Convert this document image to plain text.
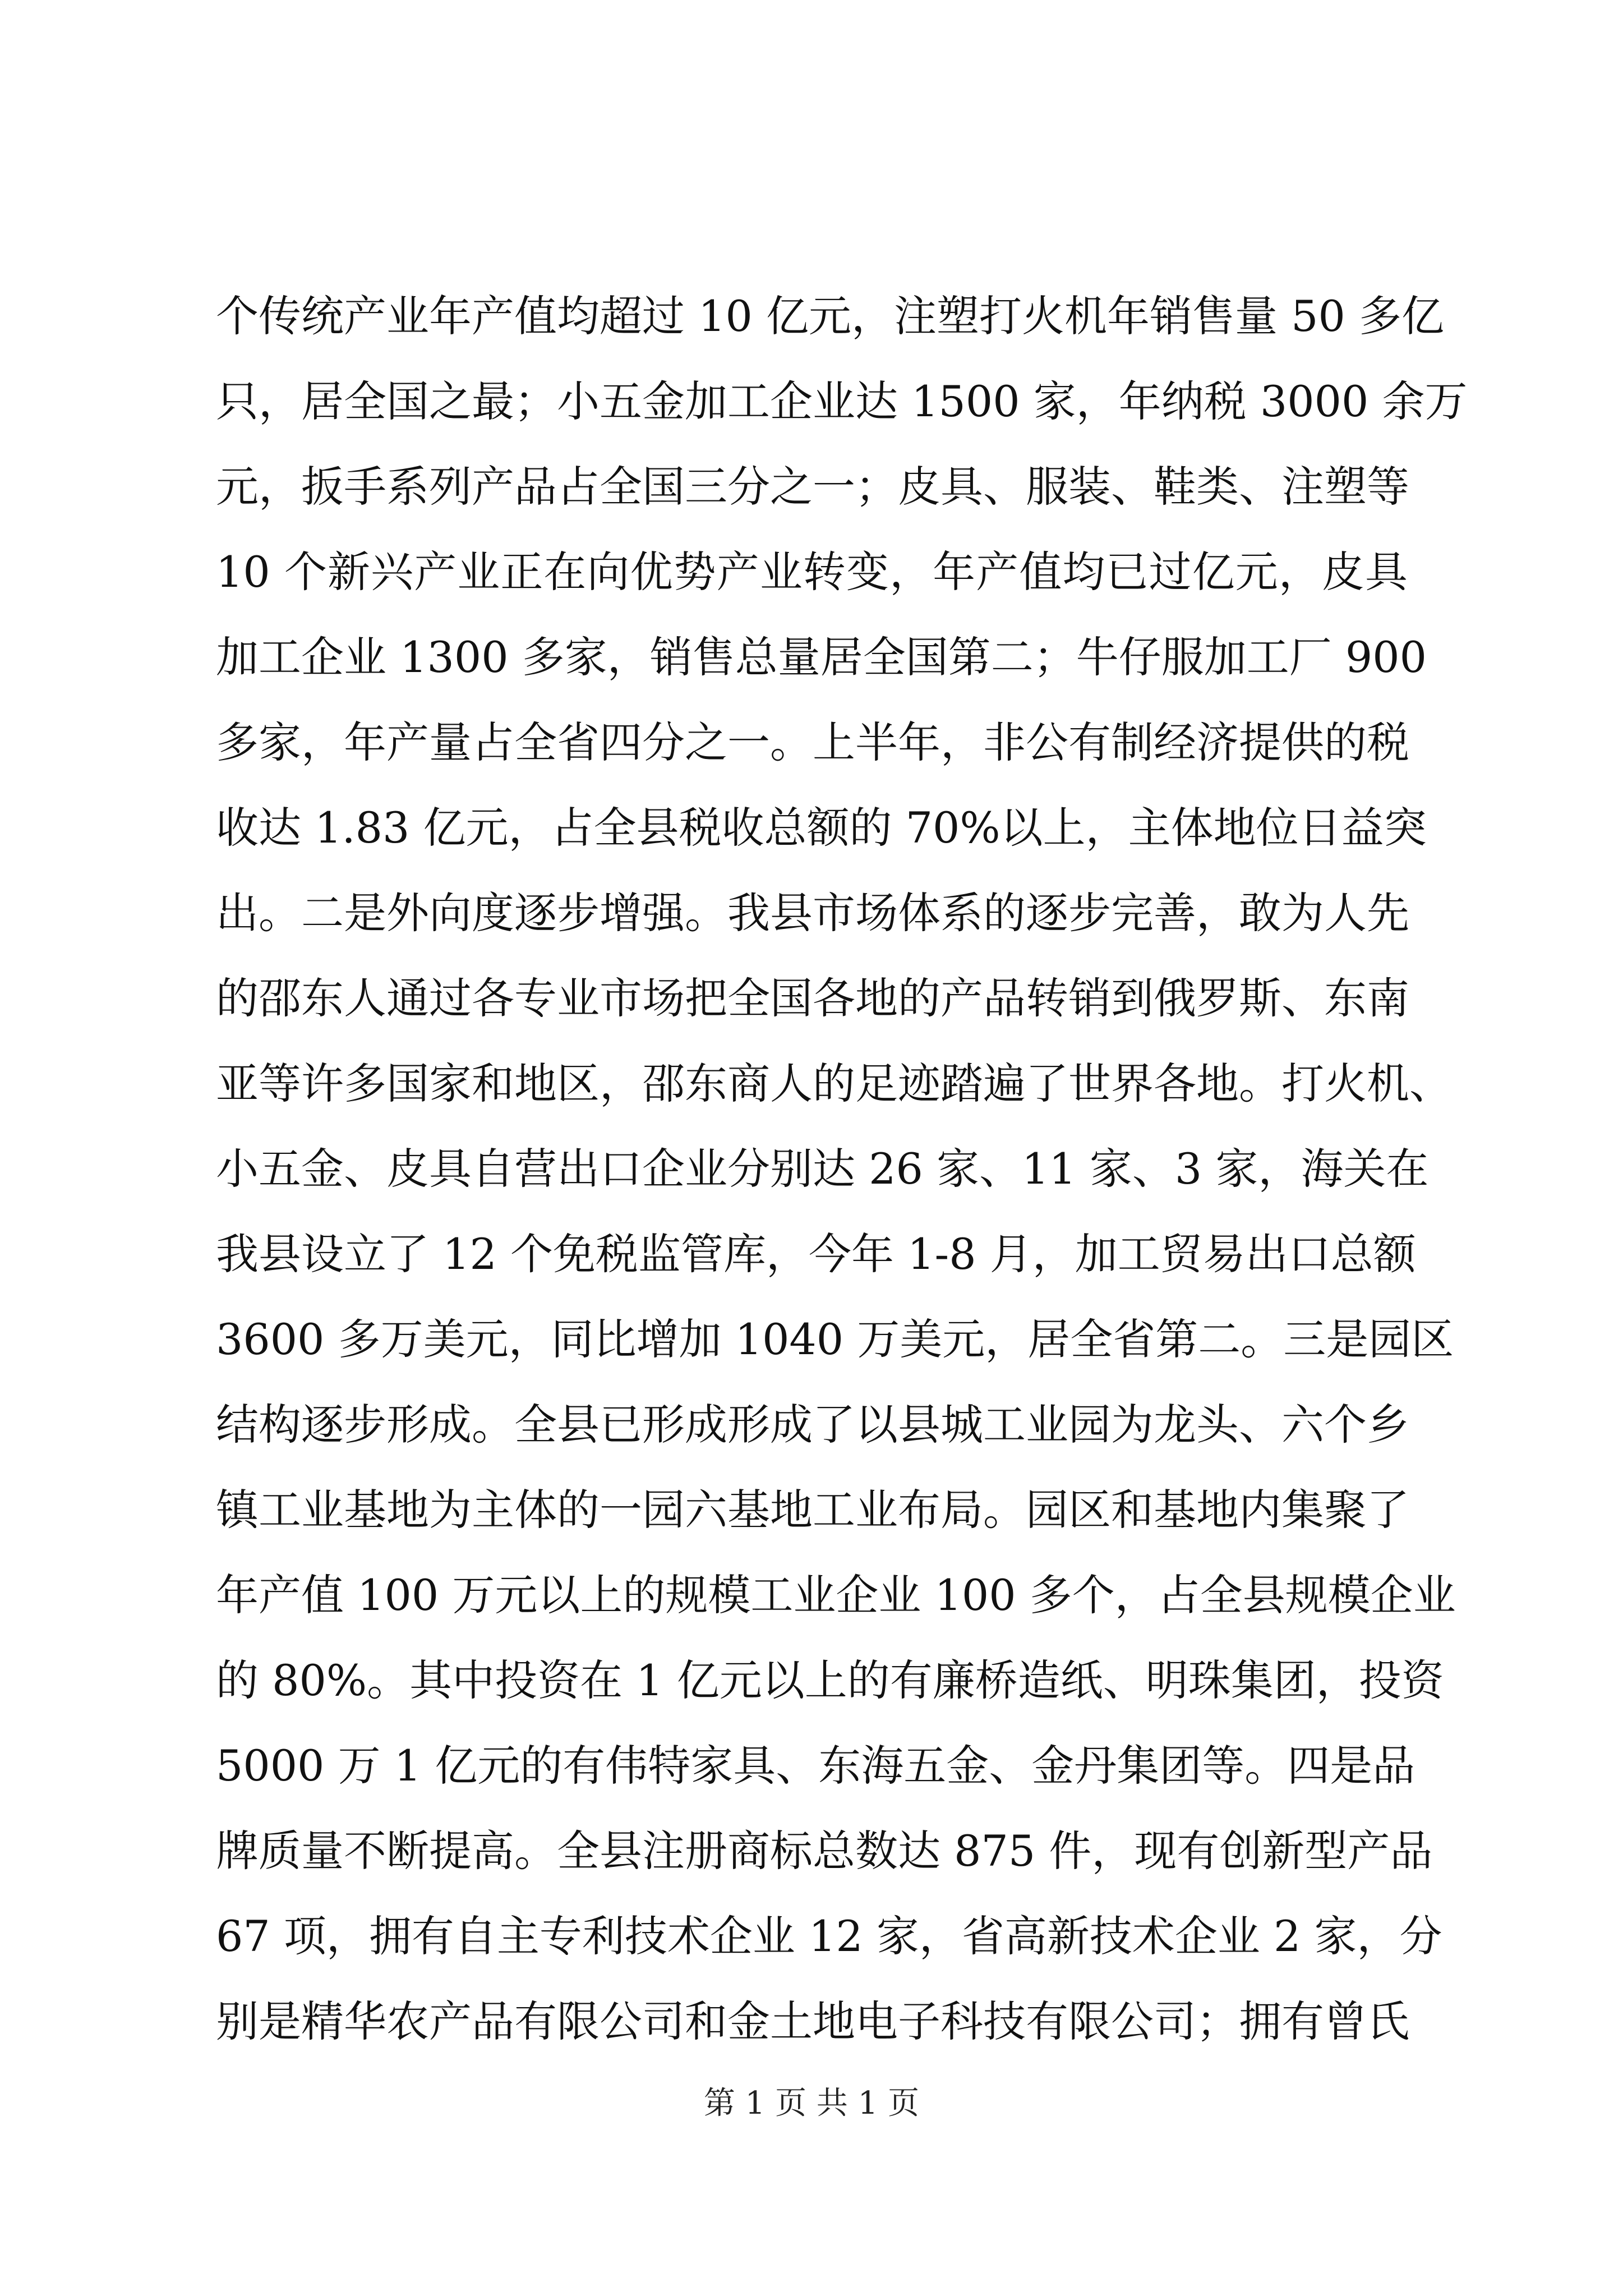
个传统产业年产值均超过 10 亿元，注塑打火机年销售量 50 多亿
只，居全国之最；小五金加工企业达 1500 家，年纳税 3000 余万
元，扳手系列产品占全国三分之一；皮具、服装、鞋类、注塑等
10 个新兴产业正在向优势产业转变，年产值均已过亿元，皮具
加工企业 1300 多家，销售总量居全国第二；牛仔服加工厂 900
多家，年产量占全省四分之一。上半年，非公有制经济提供的税
收达 1.83 亿元，占全县税收总额的 70%以上，主体地位日益突
出。二是外向度逐步增强。我县市场体系的逐步完善，敢为人先
的邵东人通过各专业市场把全国各地的产品转销到俄罗斯、东南
亚等许多国家和地区，邵东商人的足迹踏遍了世界各地。打火机、
小五金、皮具自营出口企业分别达 26 家、11 家、3 家，海关在
我县设立了 12 个免税监管库，今年 1-8 月，加工贸易出口总额
3600 多万美元，同比增加 1040 万美元，居全省第二。三是园区
结构逐步形成。全县已形成形成了以县城工业园为龙头、六个乡
镇工业基地为主体的一园六基地工业布局。园区和基地内集聚了
年产值 100 万元以上的规模工业企业 100 多个，占全县规模企业
的 80%。其中投资在 1 亿元以上的有廉桥造纸、明珠集团，投资
5000 万 1 亿元的有伟特家具、东海五金、金丹集团等。四是品
牌质量不断提高。全县注册商标总数达 875 件，现有创新型产品
67 项，拥有自主专利技术企业 12 家，省高新技术企业 2 家，分
别是精华农产品有限公司和金土地电子科技有限公司；拥有曾氏
第 1 页 共 1 页
